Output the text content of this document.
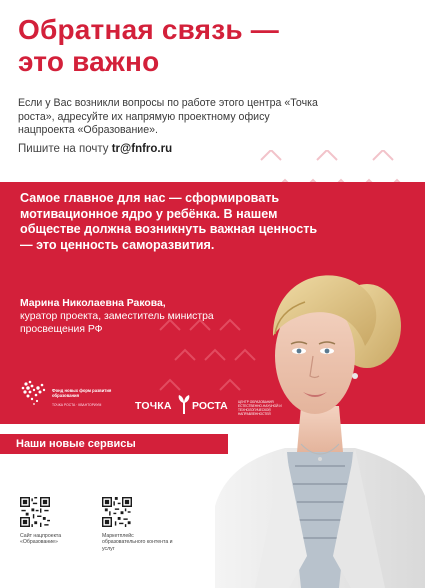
Обратная связь —
это важно
Если у Вас возникли вопросы по работе этого центра «Точка роста», адресуйте их напрямую проектному офису нацпроекта «Образование».
Пишите на почту tr@fnfro.ru
Самое главное для нас — сформировать мотивационное ядро у ребёнка. В нашем обществе должна возникнуть важная ценность — это ценность саморазвития.
Марина Николаевна Ракова,
куратор проекта, заместитель министра просвещения РФ
Фонд новых форм развития образования
ТОЧКА РОСТА · КВАНТОРИУМ	ТОЧКА РОСТА	ЦЕНТР ОБРАЗОВАНИЯ ЕСТЕСТВЕННО-НАУЧНОЙ И ТЕХНОЛОГИЧЕСКОЙ НАПРАВЛЕННОСТЕЙ
Наши новые сервисы
Сайт нацпроекта «Образование»
Маркетплейс образовательного контента и услуг
